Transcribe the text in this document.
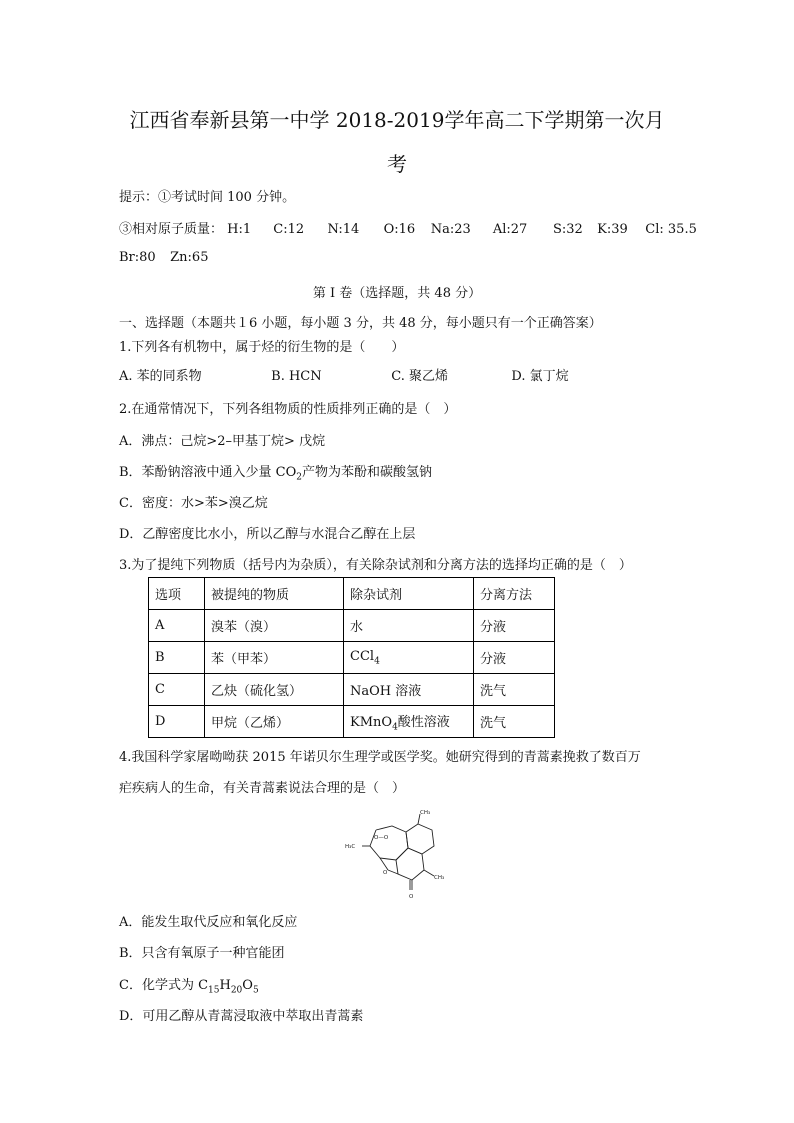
江西省奉新县第一中学 2018-2019学年高二下学期第一次月
考
提示：①考试时间 100 分钟。
③相对原子质量： H:1 C:12 N:14 O:16 Na:23 Al:27 S:32 K:39 Cl: 35.5
Br:80 Zn:65
第 I 卷（选择题，共 48 分）
一、选择题（本题共１6 小题，每小题 3 分，共 48 分，每小题只有一个正确答案）
1.下列各有机物中，属于烃的衍生物的是（　　）
A. 苯的同系物	B. HCN	C. 聚乙烯	D. 氯丁烷
2.在通常情况下，下列各组物质的性质排列正确的是（　）
A．沸点：己烷>2–甲基丁烷> 戊烷
B．苯酚钠溶液中通入少量 $CO_2$产物为苯酚和碳酸氢钠
C．密度：水>苯>溴乙烷
D．乙醇密度比水小，所以乙醇与水混合乙醇在上层
3.为了提纯下列物质（括号内为杂质），有关除杂试剂和分离方法的选择均正确的是（　）
选项	被提纯的物质	除杂试剂	分离方法
A	溴苯（溴）	水	分液
B	苯（甲苯）	CCl$_4$	分液
C	乙炔（硫化氢）	NaOH 溶液	洗气
D	甲烷（乙烯）	KMnO$_4$酸性溶液	洗气
4.我国科学家屠呦呦获 2015 年诺贝尔生理学或医学奖。她研究得到的青蒿素挽救了数百万
疟疾病人的生命，有关青蒿素说法合理的是（　）
H₃C
CH₃
CH₃
O—O
O
O
A．能发生取代反应和氧化反应
B．只含有氧原子一种官能团
C．化学式为 $C_{15}H_{20}O_5$
D．可用乙醇从青蒿浸取液中萃取出青蒿素
